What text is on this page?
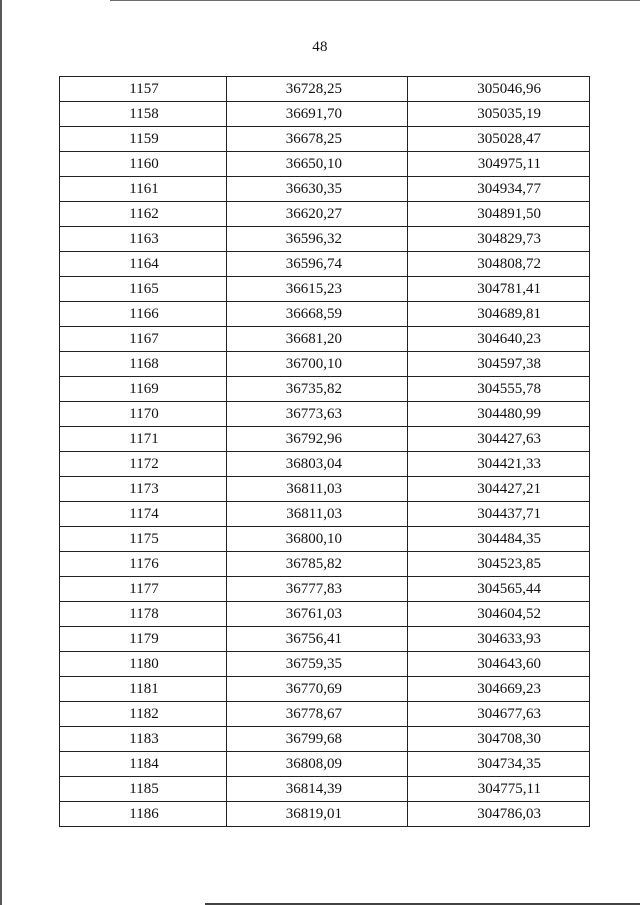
48
1157	36728,25	305046,96
1158	36691,70	305035,19
1159	36678,25	305028,47
1160	36650,10	304975,11
1161	36630,35	304934,77
1162	36620,27	304891,50
1163	36596,32	304829,73
1164	36596,74	304808,72
1165	36615,23	304781,41
1166	36668,59	304689,81
1167	36681,20	304640,23
1168	36700,10	304597,38
1169	36735,82	304555,78
1170	36773,63	304480,99
1171	36792,96	304427,63
1172	36803,04	304421,33
1173	36811,03	304427,21
1174	36811,03	304437,71
1175	36800,10	304484,35
1176	36785,82	304523,85
1177	36777,83	304565,44
1178	36761,03	304604,52
1179	36756,41	304633,93
1180	36759,35	304643,60
1181	36770,69	304669,23
1182	36778,67	304677,63
1183	36799,68	304708,30
1184	36808,09	304734,35
1185	36814,39	304775,11
1186	36819,01	304786,03
